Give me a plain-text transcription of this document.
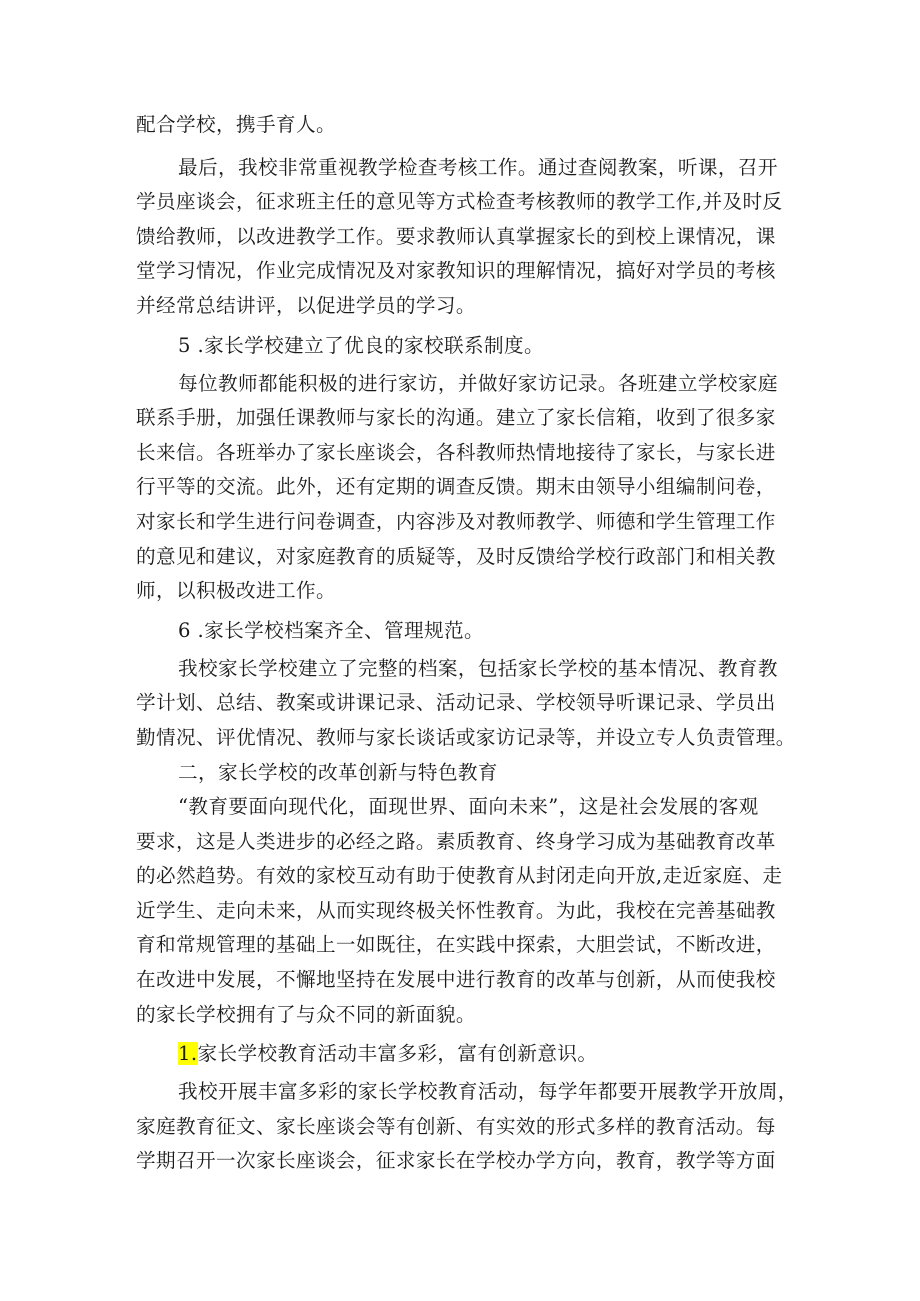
配合学校，携手育人。
最后，我校非常重视教学检查考核工作。通过查阅教案，听课，召开
学员座谈会，征求班主任的意见等方式检查考核教师的教学工作,并及时反
馈给教师，以改进教学工作。要求教师认真掌握家长的到校上课情况，课
堂学习情况，作业完成情况及对家教知识的理解情况，搞好对学员的考核
并经常总结讲评，以促进学员的学习。
5 .家长学校建立了优良的家校联系制度。
每位教师都能积极的进行家访，并做好家访记录。各班建立学校家庭
联系手册，加强任课教师与家长的沟通。建立了家长信箱，收到了很多家
长来信。各班举办了家长座谈会，各科教师热情地接待了家长，与家长进
行平等的交流。此外，还有定期的调查反馈。期末由领导小组编制问卷，
对家长和学生进行问卷调查，内容涉及对教师教学、师德和学生管理工作
的意见和建议，对家庭教育的质疑等，及时反馈给学校行政部门和相关教
师，以积极改进工作。
6 .家长学校档案齐全、管理规范。
我校家长学校建立了完整的档案，包括家长学校的基本情况、教育教
学计划、总结、教案或讲课记录、活动记录、学校领导听课记录、学员出
勤情况、评优情况、教师与家长谈话或家访记录等，并设立专人负责管理。
二，家长学校的改革创新与特色教育
“教育要面向现代化，面现世界、面向未来”，这是社会发展的客观
要求，这是人类进步的必经之路。素质教育、终身学习成为基础教育改革
的必然趋势。有效的家校互动有助于使教育从封闭走向开放,走近家庭、走
近学生、走向未来，从而实现终极关怀性教育。为此，我校在完善基础教
育和常规管理的基础上一如既往，在实践中探索，大胆尝试，不断改进，
在改进中发展，不懈地坚持在发展中进行教育的改革与创新，从而使我校
的家长学校拥有了与众不同的新面貌。
1.家长学校教育活动丰富多彩，富有创新意识。
我校开展丰富多彩的家长学校教育活动，每学年都要开展教学开放周，
家庭教育征文、家长座谈会等有创新、有实效的形式多样的教育活动。每
学期召开一次家长座谈会，征求家长在学校办学方向，教育，教学等方面
